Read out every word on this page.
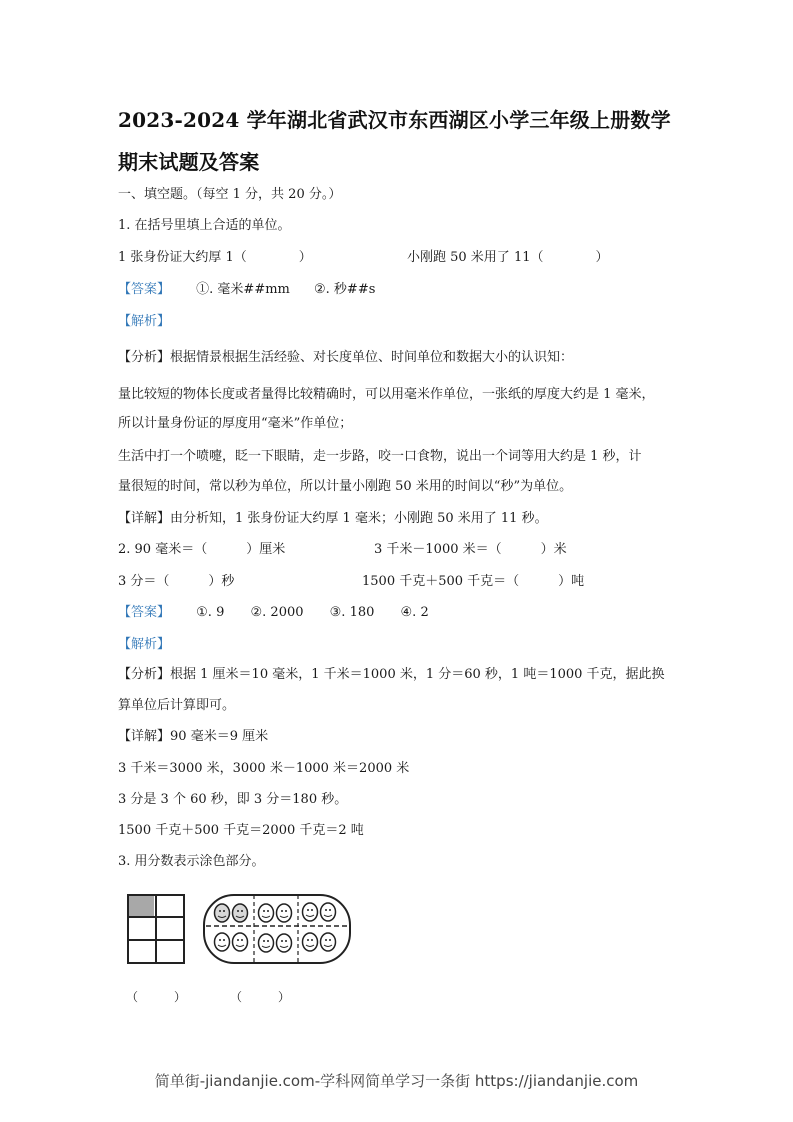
2023-2024 学年湖北省武汉市东西湖区小学三年级上册数学
期末试题及答案
一、填空题。（每空 1 分，共 20 分。）
1. 在括号里填上合适的单位。
1 张身份证大约厚 1（　　　　）	小刚跑 50 米用了 11（　　　　）
【答案】 ①. 毫米##mm ②. 秒##s
【解析】
【分析】根据情景根据生活经验、对长度单位、时间单位和数据大小的认识知：
量比较短的物体长度或者量得比较精确时，可以用毫米作单位，一张纸的厚度大约是 1 毫米，
所以计量身份证的厚度用“毫米”作单位；
生活中打一个喷嚏，眨一下眼睛，走一步路，咬一口食物，说出一个词等用大约是 1 秒，计
量很短的时间，常以秒为单位，所以计量小刚跑 50 米用的时间以“秒”为单位。
【详解】由分析知，1 张身份证大约厚 1 毫米；小刚跑 50 米用了 11 秒。
2. 90 毫米＝（　　　）厘米	3 千米－1000 米＝（　　　）米
3 分＝（　　　）秒	1500 千克＋500 千克＝（　　　）吨
【答案】 ①. 9 ②. 2000 ③. 180 ④. 2
【解析】
【分析】根据 1 厘米＝10 毫米，1 千米＝1000 米，1 分＝60 秒，1 吨＝1000 千克，据此换
算单位后计算即可。
【详解】90 毫米＝9 厘米
3 千米＝3000 米，3000 米－1000 米＝2000 米
3 分是 3 个 60 秒，即 3 分＝180 秒。
1500 千克＋500 千克＝2000 千克＝2 吨
3. 用分数表示涂色部分。
（　　　）	（　　　）
简单街-jiandanjie.com-学科网简单学习一条街 https://jiandanjie.com
